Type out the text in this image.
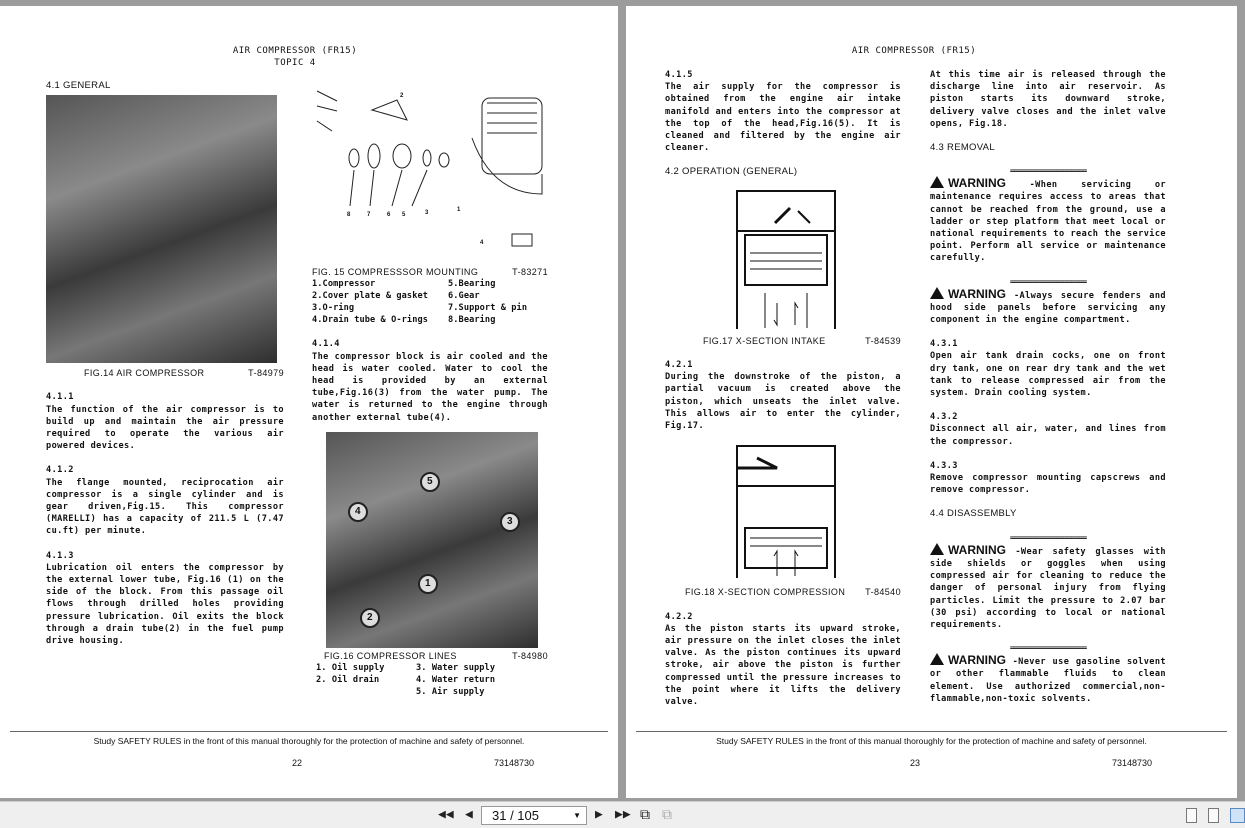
AIR COMPRESSOR (FR15)
TOPIC 4
4.1 GENERAL
FIG.14 AIR COMPRESSOR	T-84979
4.1.1

The function of the air compressor is to build up and maintain the air pressure required to operate the various air powered devices.

4.1.2

The flange mounted, reciprocation air compressor is a single cylinder and is gear driven,Fig.15. This compressor (MARELLI) has a capacity of 211.5 L (7.47 cu.ft) per minute.

4.1.3

Lubrication oil enters the compressor by the external lower tube, Fig.16 (1) on the side of the block. From this passage oil flows through drilled holes providing pressure lubrication. Oil exits the block through a drain tube(2) in the fuel pump drive housing.

8	7	6 5	3	1
2
4
FIG. 15 COMPRESSSOR MOUNTING	T-83271
1.Compressor	5.Bearing
2.Cover plate & gasket	6.Gear
3.O-ring	7.Support & pin
4.Drain tube & O-rings	8.Bearing
4.1.4

The compressor block is air cooled and the head is water cooled. Water to cool the head is provided by an external tube,Fig.16(3) from the water pump. The water is returned to the engine through another external tube(4).

1
2
3
4
5
FIG.16 COMPRESSOR LINES	T-84980
1. Oil supply	3. Water supply
2. Oil drain	4. Water return
5. Air supply
Study SAFETY RULES in the front of this manual thoroughly for the protection of machine and safety of personnel.
22	73148730
AIR COMPRESSOR (FR15)
4.1.5

The air supply for the compressor is obtained from the engine air intake manifold and enters into the compressor at the top of the head,Fig.16(5). It is cleaned and filtered by the engine air cleaner.

4.2 OPERATION (GENERAL)
FIG.17 X-SECTION INTAKE	T-84539
4.2.1

During the downstroke of the piston, a partial vacuum is created above the piston, which unseats the inlet valve. This allows air to enter the cylinder, Fig.17.

FIG.18 X-SECTION COMPRESSION T-84540
4.2.2

As the piston starts its upward stroke, air pressure on the inlet closes the inlet valve. As the piston continues its upward stroke, air above the piston is further compressed until the pressure increases to the point where it lifts the delivery valve.

At this time air is released through the discharge line into air reservoir. As piston starts its downward stroke, delivery valve closes and the inlet valve opens, Fig.18.

4.3 REMOVAL
====================

WARNING	-When servicing or maintenance requires access to areas that cannot be reached from the ground, use a ladder or step platform that meet local or national requirements to reach the service point. Perform all service or maintenance carefully.

====================

WARNING -Always secure fenders and hood side panels before servicing any component in the engine compartment.

4.3.1

Open air tank drain cocks, one on front dry tank, one on rear dry tank and the wet tank to release compressed air from the system. Drain cooling system.

4.3.2

Disconnect all air, water, and lines from the compressor.

4.3.3

Remove compressor mounting capscrews and remove compressor.

4.4 DISASSEMBLY
====================

WARNING -Wear safety glasses with side shields or goggles when using compressed air for cleaning to reduce the danger of personal injury from flying particles. Limit the pressure to 2.07 bar (30 psi) according to local or national requirements.

====================

WARNING -Never use gasoline solvent or other flammable fluids to clean element. Use authorized commercial,non-flammable,non-toxic solvents.

Study SAFETY RULES in the front of this manual thoroughly for the protection of machine and safety of personnel.
23	73148730
◀◀ ◀	31 / 105	▼ ▶ ▶▶ ⧉ ⧉
